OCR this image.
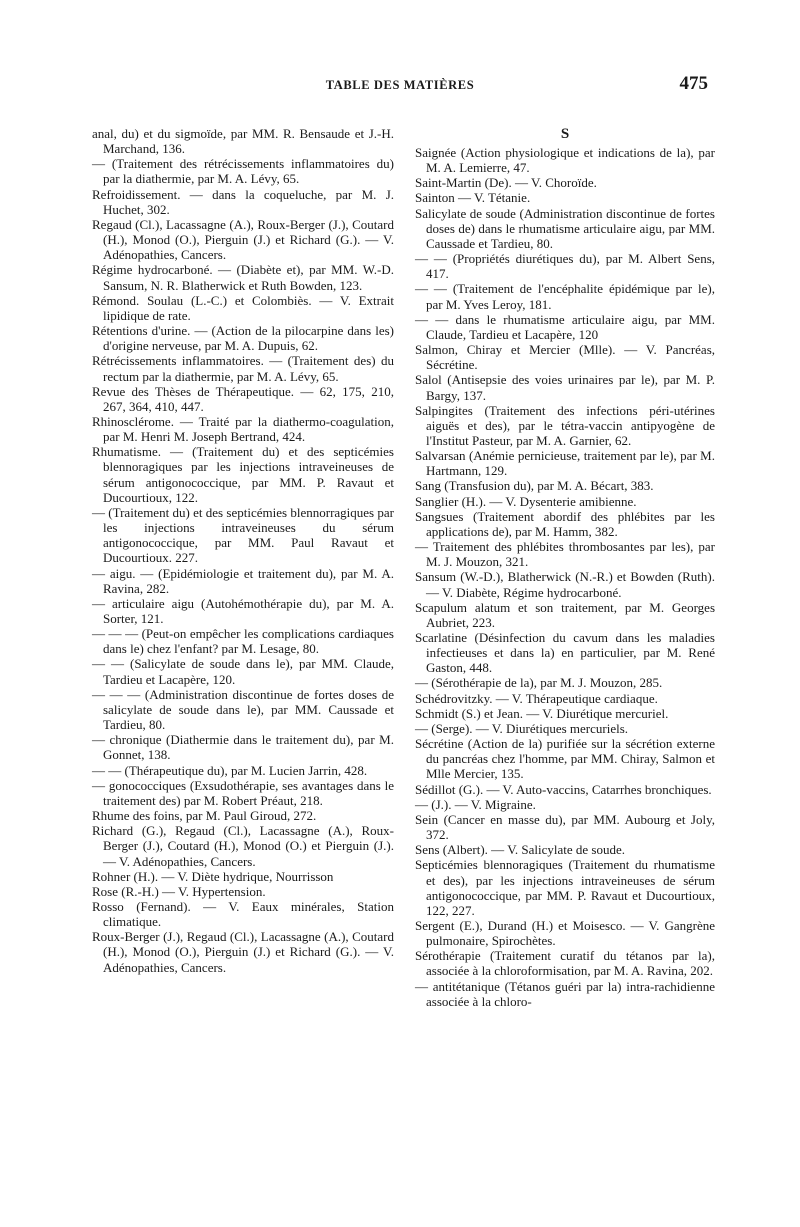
TABLE DES MATIÈRES	475

anal, du) et du sigmoïde, par MM. R. Bensaude et J.-H. Marchand, 136.

— (Traitement des rétrécissements inflammatoires du) par la diathermie, par M. A. Lévy, 65.

Refroidissement. — dans la coqueluche, par M. J. Huchet, 302.

Regaud (Cl.), Lacassagne (A.), Roux-Berger (J.), Coutard (H.), Monod (O.), Pierguin (J.) et Richard (G.). — V. Adénopathies, Cancers.

Régime hydrocarboné. — (Diabète et), par MM. W.-D. Sansum, N. R. Blatherwick et Ruth Bowden, 123.

Rémond. Soulau (L.-C.) et Colombiès. — V. Extrait lipidique de rate.

Rétentions d'urine. — (Action de la pilocarpine dans les) d'origine nerveuse, par M. A. Dupuis, 62.

Rétrécissements inflammatoires. — (Traitement des) du rectum par la diathermie, par M. A. Lévy, 65.

Revue des Thèses de Thérapeutique. — 62, 175, 210, 267, 364, 410, 447.

Rhinosclérome. — Traité par la diathermo-coagulation, par M. Henri M. Joseph Bertrand, 424.

Rhumatisme. — (Traitement du) et des septicémies blennoragiques par les injections intraveineuses de sérum antigonococcique, par MM. P. Ravaut et Ducourtioux, 122.

— (Traitement du) et des septicémies blennorragiques par les injections intraveineuses du sérum antigonococcique, par MM. Paul Ravaut et Ducourtioux. 227.

— aigu. — (Epidémiologie et traitement du), par M. A. Ravina, 282.

— articulaire aigu (Autohémothérapie du), par M. A. Sorter, 121.

— — — (Peut-on empêcher les complications cardiaques dans le) chez l'enfant? par M. Lesage, 80.

— — (Salicylate de soude dans le), par MM. Claude, Tardieu et Lacapère, 120.

— — — (Administration discontinue de fortes doses de salicylate de soude dans le), par MM. Caussade et Tardieu, 80.

— chronique (Diathermie dans le traitement du), par M. Gonnet, 138.

— — (Thérapeutique du), par M. Lucien Jarrin, 428.

— gonococciques (Exsudothérapie, ses avantages dans le traitement des) par M. Robert Préaut, 218.

Rhume des foins, par M. Paul Giroud, 272.

Richard (G.), Regaud (Cl.), Lacassagne (A.), Roux-Berger (J.), Coutard (H.), Monod (O.) et Pierguin (J.). — V. Adénopathies, Cancers.

Rohner (H.). — V. Diète hydrique, Nourrisson

Rose (R.-H.) — V. Hypertension.

Rosso (Fernand). — V. Eaux minérales, Station climatique.

Roux-Berger (J.), Regaud (Cl.), Lacassagne (A.), Coutard (H.), Monod (O.), Pierguin (J.) et Richard (G.). — V. Adénopathies, Cancers.

S

Saignée (Action physiologique et indications de la), par M. A. Lemierre, 47.

Saint-Martin (De). — V. Choroïde.

Sainton — V. Tétanie.

Salicylate de soude (Administration discontinue de fortes doses de) dans le rhumatisme articulaire aigu, par MM. Caussade et Tardieu, 80.

— — (Propriétés diurétiques du), par M. Albert Sens, 417.

— — (Traitement de l'encéphalite épidémique par le), par M. Yves Leroy, 181.

— — dans le rhumatisme articulaire aigu, par MM. Claude, Tardieu et Lacapère, 120

Salmon, Chiray et Mercier (Mlle). — V. Pancréas, Sécrétine.

Salol (Antisepsie des voies urinaires par le), par M. P. Bargy, 137.

Salpingites (Traitement des infections péri-utérines aiguës et des), par le tétra-vaccin antipyogène de l'Institut Pasteur, par M. A. Garnier, 62.

Salvarsan (Anémie pernicieuse, traitement par le), par M. Hartmann, 129.

Sang (Transfusion du), par M. A. Bécart, 383.

Sanglier (H.). — V. Dysenterie amibienne.

Sangsues (Traitement abordif des phlébites par les applications de), par M. Hamm, 382.

— Traitement des phlébites thrombosantes par les), par M. J. Mouzon, 321.

Sansum (W.-D.), Blatherwick (N.-R.) et Bowden (Ruth). — V. Diabète, Régime hydrocarboné.

Scapulum alatum et son traitement, par M. Georges Aubriet, 223.

Scarlatine (Désinfection du cavum dans les maladies infectieuses et dans la) en particulier, par M. René Gaston, 448.

— (Sérothérapie de la), par M. J. Mouzon, 285.

Schédrovitzky. — V. Thérapeutique cardiaque.

Schmidt (S.) et Jean. — V. Diurétique mercuriel.

— (Serge). — V. Diurétiques mercuriels.

Sécrétine (Action de la) purifiée sur la sécrétion externe du pancréas chez l'homme, par MM. Chiray, Salmon et Mlle Mercier, 135.

Sédillot (G.). — V. Auto-vaccins, Catarrhes bronchiques.

— (J.). — V. Migraine.

Sein (Cancer en masse du), par MM. Aubourg et Joly, 372.

Sens (Albert). — V. Salicylate de soude.

Septicémies blennoragiques (Traitement du rhumatisme et des), par les injections intraveineuses de sérum antigonococcique, par MM. P. Ravaut et Ducourtioux, 122, 227.

Sergent (E.), Durand (H.) et Moisesco. — V. Gangrène pulmonaire, Spirochètes.

Sérothérapie (Traitement curatif du tétanos par la), associée à la chloroformisation, par M. A. Ravina, 202.

— antitétanique (Tétanos guéri par la) intra-rachidienne associée à la chloro-
